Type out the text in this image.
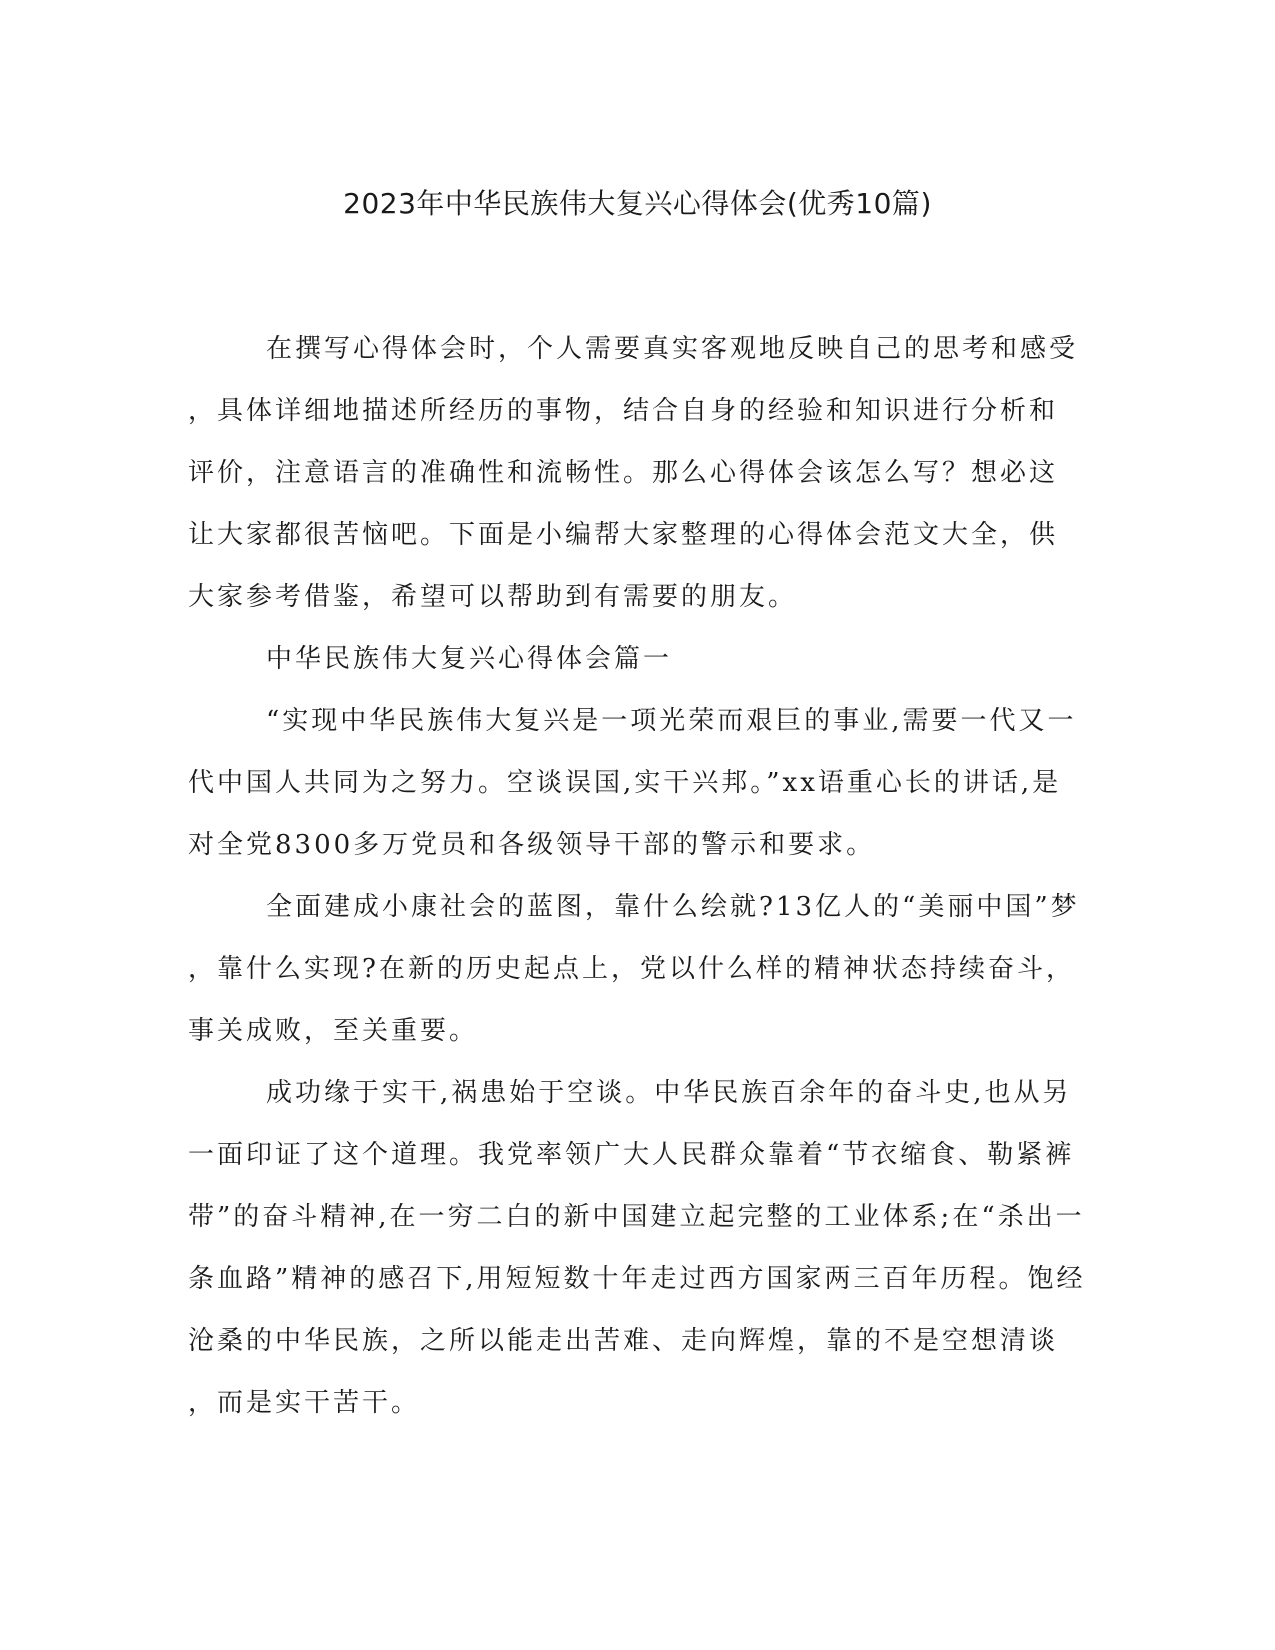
2023年中华民族伟大复兴心得体会(优秀10篇)
在撰写心得体会时，个人需要真实客观地反映自己的思考和感受
，具体详细地描述所经历的事物，结合自身的经验和知识进行分析和
评价，注意语言的准确性和流畅性。那么心得体会该怎么写？想必这
让大家都很苦恼吧。下面是小编帮大家整理的心得体会范文大全，供
大家参考借鉴，希望可以帮助到有需要的朋友。
中华民族伟大复兴心得体会篇一
“实现中华民族伟大复兴是一项光荣而艰巨的事业,需要一代又一
代中国人共同为之努力。空谈误国,实干兴邦。”xx语重心长的讲话,是
对全党8300多万党员和各级领导干部的警示和要求。
全面建成小康社会的蓝图，靠什么绘就?13亿人的“美丽中国”梦
，靠什么实现?在新的历史起点上，党以什么样的精神状态持续奋斗，
事关成败，至关重要。
成功缘于实干,祸患始于空谈。中华民族百余年的奋斗史,也从另
一面印证了这个道理。我党率领广大人民群众靠着“节衣缩食、勒紧裤
带”的奋斗精神,在一穷二白的新中国建立起完整的工业体系;在“杀出一
条血路”精神的感召下,用短短数十年走过西方国家两三百年历程。饱经
沧桑的中华民族，之所以能走出苦难、走向辉煌，靠的不是空想清谈
，而是实干苦干。
